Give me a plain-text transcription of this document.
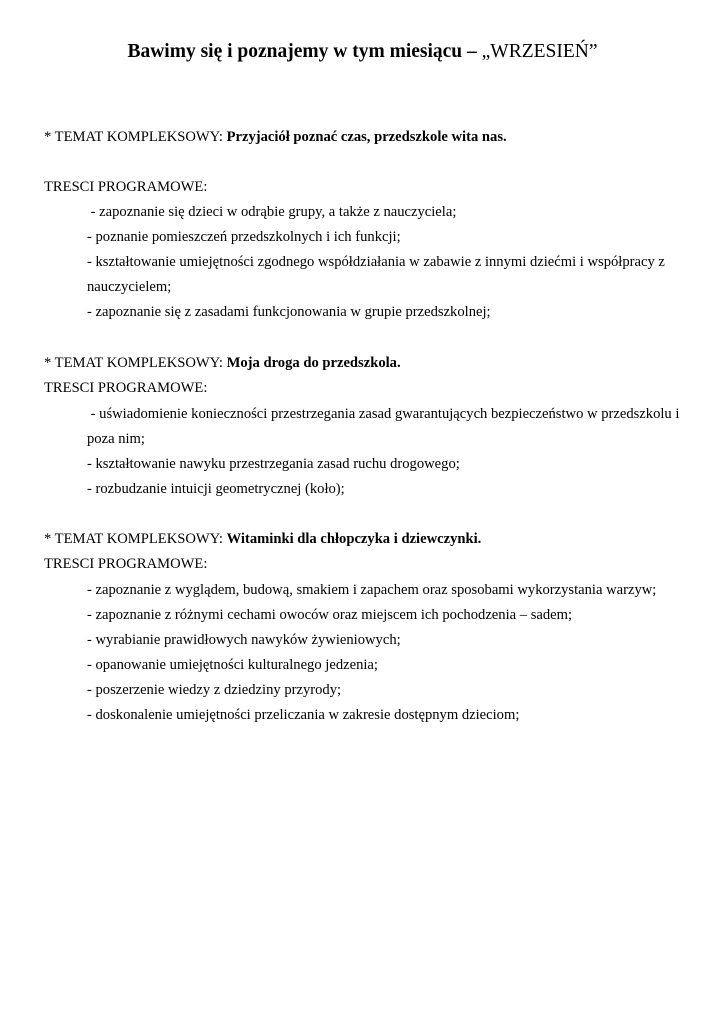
Bawimy się i poznajemy w tym miesiącu – „WRZESIEŃ”
* TEMAT KOMPLEKSOWY: Przyjaciół poznać czas, przedszkole wita nas.
TRESCI PROGRAMOWE:
- zapoznanie się dzieci w odrąbie grupy, a także z nauczyciela;
- poznanie pomieszczeń przedszkolnych i ich funkcji;
- kształtowanie umiejętności zgodnego współdziałania w zabawie z innymi dziećmi i współpracy z
nauczycielem;
- zapoznanie się z zasadami funkcjonowania w grupie przedszkolnej;
* TEMAT KOMPLEKSOWY: Moja droga do przedszkola.
TRESCI PROGRAMOWE:
- uświadomienie konieczności przestrzegania zasad gwarantujących bezpieczeństwo w przedszkolu i
poza nim;
- kształtowanie nawyku przestrzegania zasad ruchu drogowego;
- rozbudzanie intuicji geometrycznej (koło);
* TEMAT KOMPLEKSOWY: Witaminki dla chłopczyka i dziewczynki.
TRESCI PROGRAMOWE:
- zapoznanie z wyglądem, budową, smakiem i zapachem oraz sposobami wykorzystania warzyw;
- zapoznanie z różnymi cechami owoców oraz miejscem ich pochodzenia – sadem;
- wyrabianie prawidłowych nawyków żywieniowych;
- opanowanie umiejętności kulturalnego jedzenia;
- poszerzenie wiedzy z dziedziny przyrody;
- doskonalenie umiejętności przeliczania w zakresie dostępnym dzieciom;
